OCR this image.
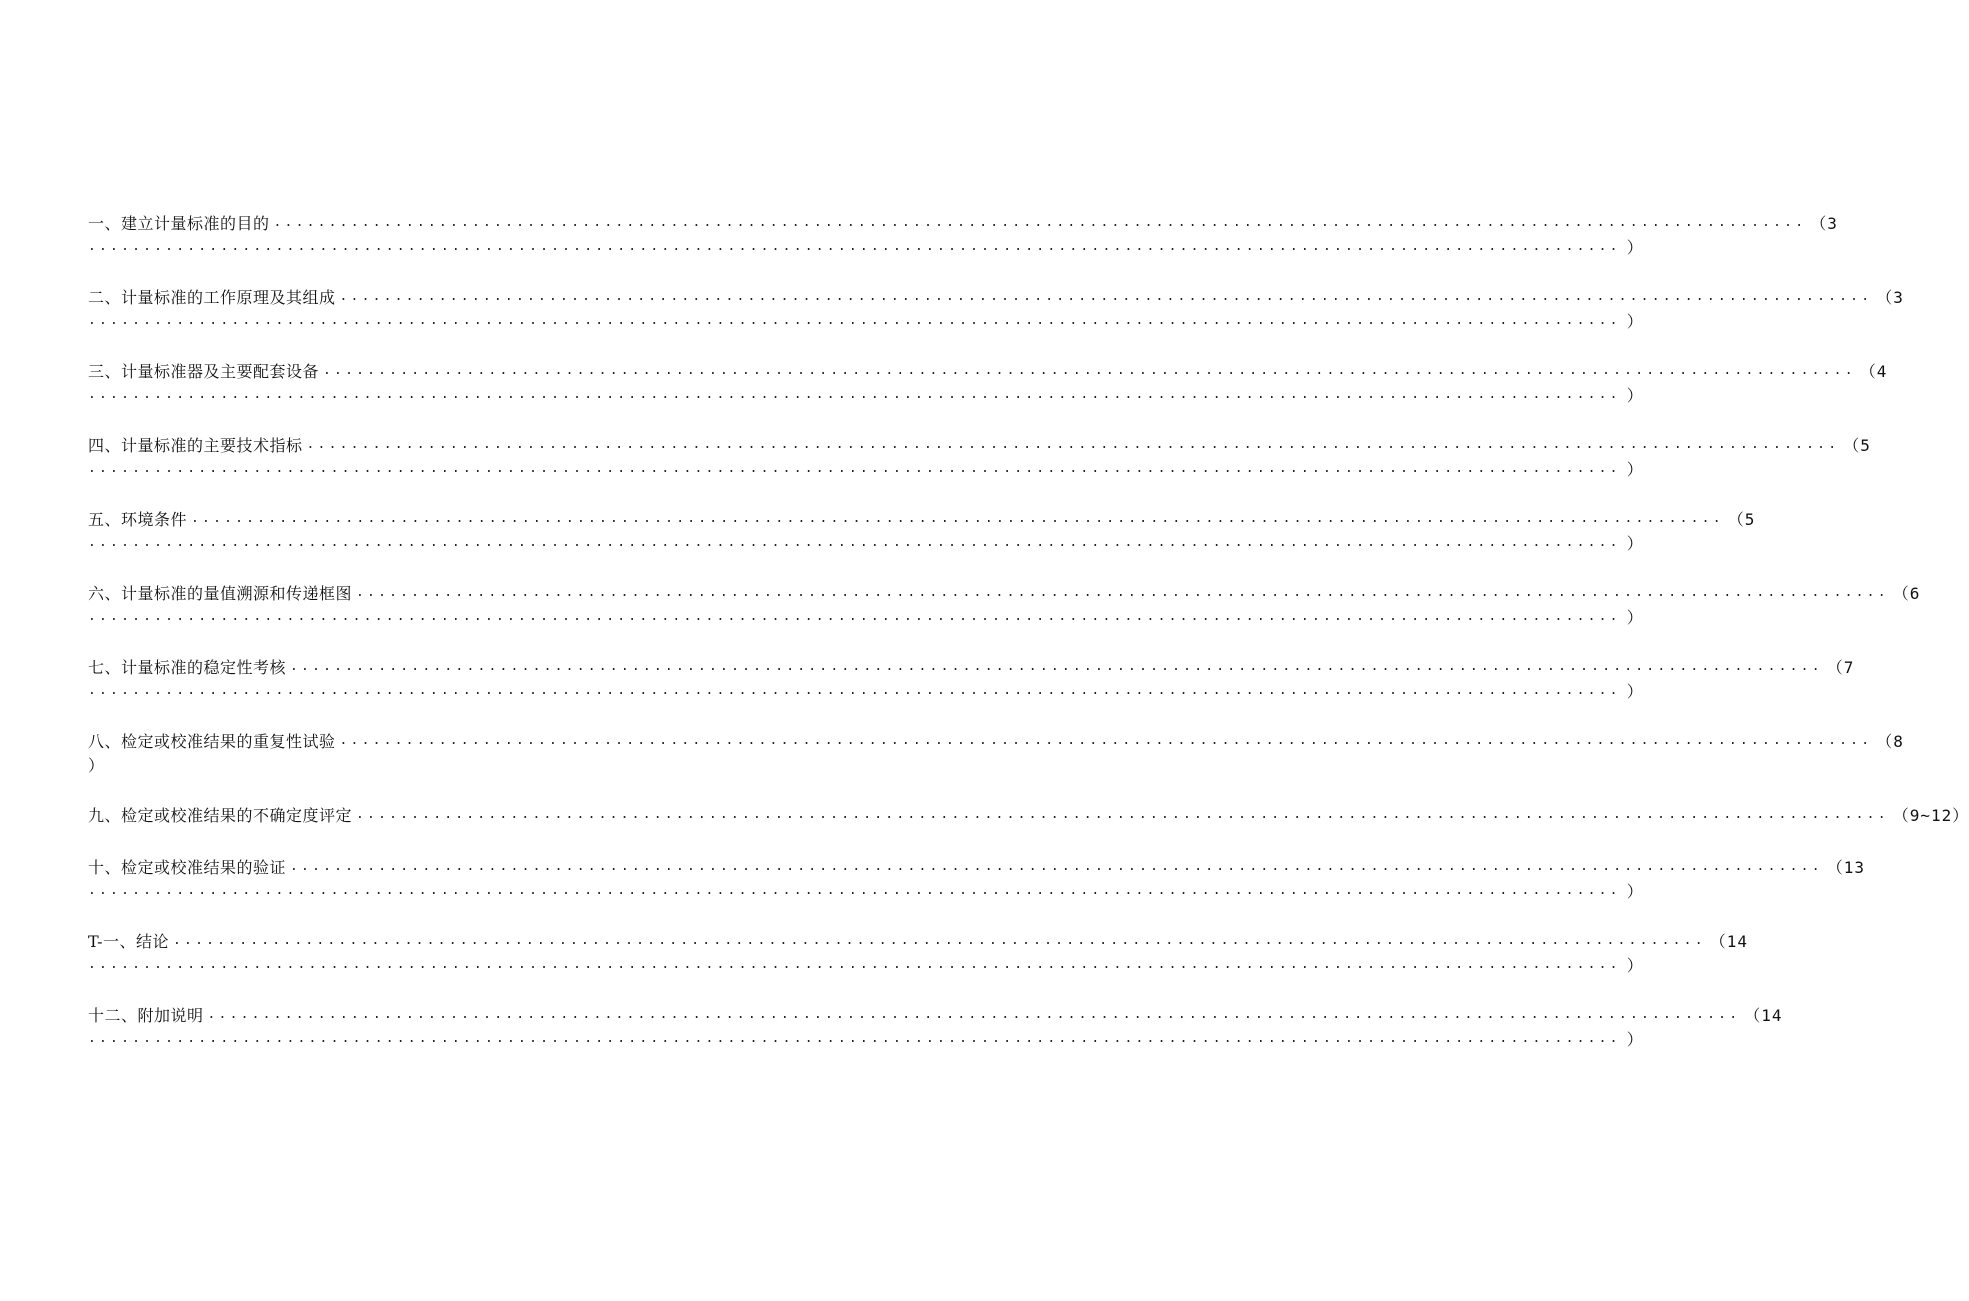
一、建立计量标准的目的 ........................................................................................................................................... （3
........................................................................................................................................... ）
二、计量标准的工作原理及其组成 ........................................................................................................................................... （3
........................................................................................................................................... ）
三、计量标准器及主要配套设备 ........................................................................................................................................... （4
........................................................................................................................................... ）
四、计量标准的主要技术指标 ........................................................................................................................................... （5
........................................................................................................................................... ）
五、环境条件 ........................................................................................................................................... （5
........................................................................................................................................... ）
六、计量标准的量值溯源和传递框图 ........................................................................................................................................... （6
........................................................................................................................................... ）
七、计量标准的稳定性考核 ........................................................................................................................................... （7
........................................................................................................................................... ）
八、检定或校准结果的重复性试验 ........................................................................................................................................... （8
）
九、检定或校准结果的不确定度评定 ........................................................................................................................................... （9~12）
十、检定或校准结果的验证 ........................................................................................................................................... （13
........................................................................................................................................... ）
T-一、结论 ........................................................................................................................................... （14
........................................................................................................................................... ）
十二、附加说明 ........................................................................................................................................... （14
........................................................................................................................................... ）
